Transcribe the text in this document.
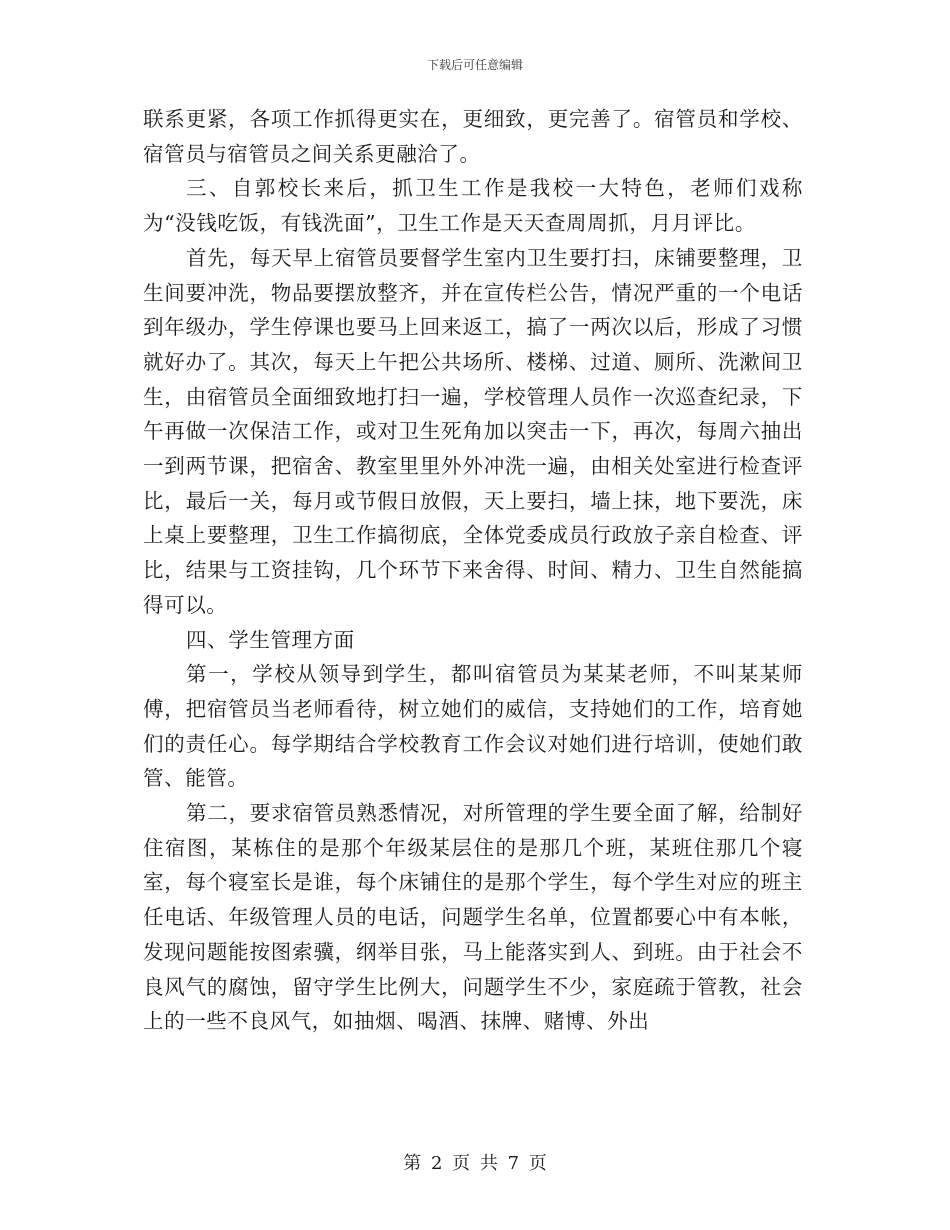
下载后可任意编辑

联系更紧，各项工作抓得更实在，更细致，更完善了。宿管员和学校、宿管员与宿管员之间关系更融洽了。

三、自郭校长来后，抓卫生工作是我校一大特色，老师们戏称为“没钱吃饭，有钱洗面”，卫生工作是天天查周周抓，月月评比。

首先，每天早上宿管员要督学生室内卫生要打扫，床铺要整理，卫生间要冲洗，物品要摆放整齐，并在宣传栏公告，情况严重的一个电话到年级办，学生停课也要马上回来返工，搞了一两次以后，形成了习惯就好办了。其次，每天上午把公共场所、楼梯、过道、厕所、洗漱间卫生，由宿管员全面细致地打扫一遍，学校管理人员作一次巡查纪录，下午再做一次保洁工作，或对卫生死角加以突击一下，再次，每周六抽出一到两节课，把宿舍、教室里里外外冲洗一遍，由相关处室进行检查评比，最后一关，每月或节假日放假，天上要扫，墙上抹，地下要洗，床上桌上要整理，卫生工作搞彻底，全体党委成员行政放子亲自检查、评比，结果与工资挂钩，几个环节下来舍得、时间、精力、卫生自然能搞得可以。

四、学生管理方面

第一，学校从领导到学生，都叫宿管员为某某老师，不叫某某师傅，把宿管员当老师看待，树立她们的威信，支持她们的工作，培育她们的责任心。每学期结合学校教育工作会议对她们进行培训，使她们敢管、能管。

第二，要求宿管员熟悉情况，对所管理的学生要全面了解，给制好住宿图，某栋住的是那个年级某层住的是那几个班，某班住那几个寝室，每个寝室长是谁，每个床铺住的是那个学生，每个学生对应的班主任电话、年级管理人员的电话，问题学生名单，位置都要心中有本帐，发现问题能按图索骥，纲举目张，马上能落实到人、到班。由于社会不良风气的腐蚀，留守学生比例大，问题学生不少，家庭疏于管教，社会上的一些不良风气，如抽烟、喝酒、抹牌、赌博、外出

第 2 页 共 7 页
